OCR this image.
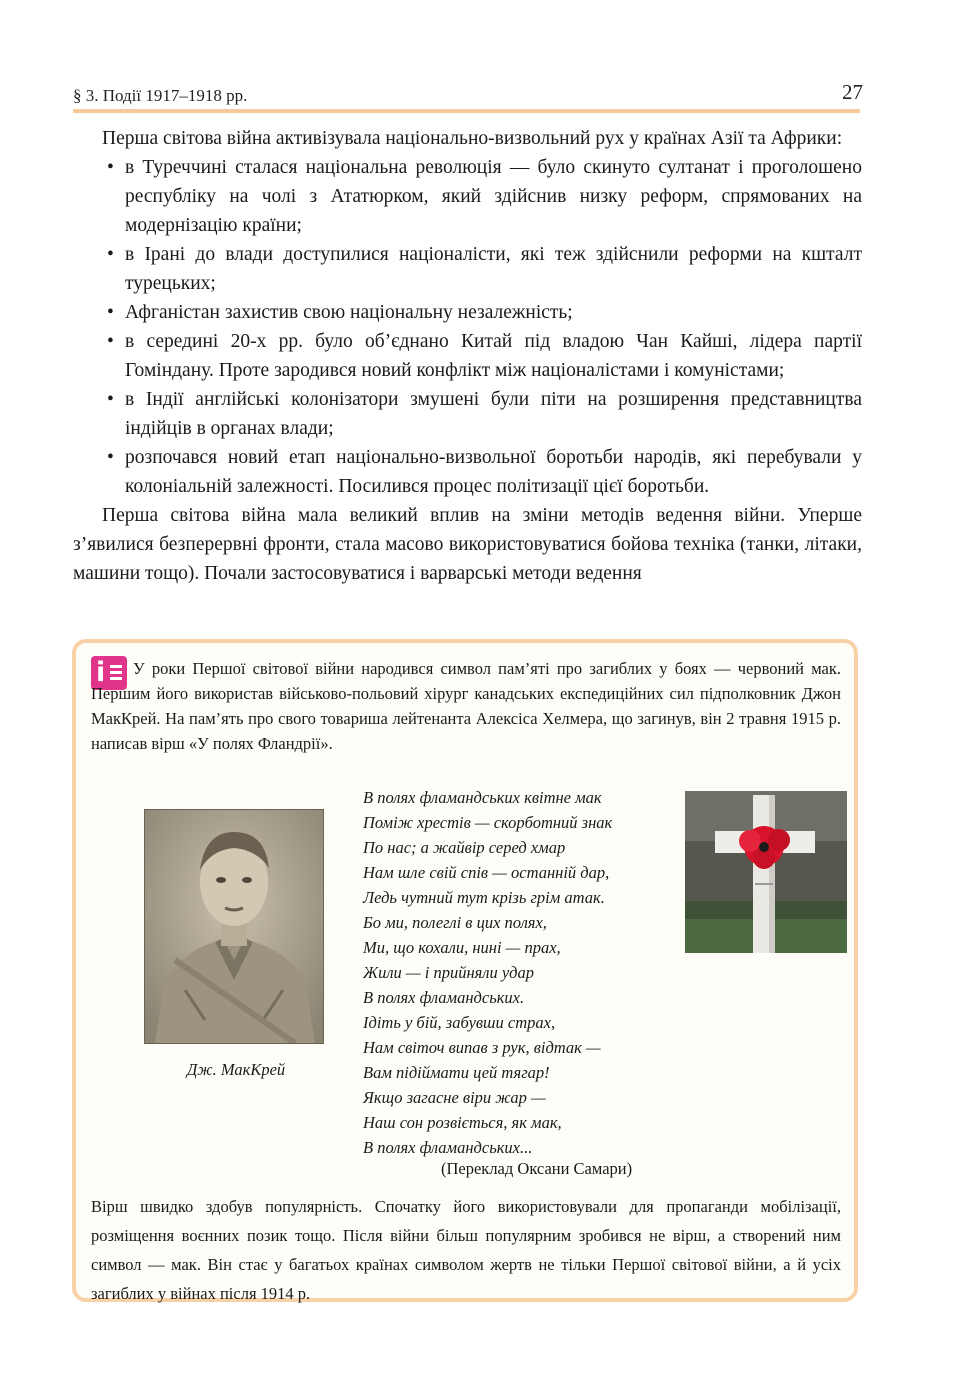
§ 3. Події 1917–1918 рр.	27

Перша світова війна активізувала національно-визвольний рух у країнах Азії та Африки:

• в Туреччині сталася національна революція — було скинуто султанат і проголошено республіку на чолі з Ататюрком, який здійснив низку реформ, спрямованих на модернізацію країни;
• в Ірані до влади доступилися націоналісти, які теж здійснили реформи на кшталт турецьких;
• Афганістан захистив свою національну незалежність;
• в середині 20-х рр. було об’єднано Китай під владою Чан Кайші, лідера партії Гоміндану. Проте зародився новий конфлікт між націоналістами і комуністами;
• в Індії англійські колонізатори змушені були піти на розширення представництва індійців в органах влади;
• розпочався новий етап національно-визвольної боротьби народів, які перебували у колоніальній залежності. Посилився процес політизації цієї боротьби.

Перша світова війна мала великий вплив на зміни методів ведення війни. Уперше з’явилися безперервні фронти, стала масово використовуватися бойова техніка (танки, літаки, машини тощо). Почали застосовуватися і варварські методи ведення

i	У роки Першої світової війни народився символ пам’яті про загиблих у боях — червоний мак. Першим його використав військово-польовий хірург канадських експедиційних сил підполковник Джон МакКрей. На пам’ять про свого товариша лейтенанта Алексіса Хелмера, що загинув, він 2 травня 1915 р. написав вірш «У полях Фландрії».

Дж. МакКрей
В полях фламандських квітне мак
Поміж хрестів — скорботний знак
По нас; а жайвір серед хмар
Нам шле свій спів — останній дар,
Ледь чутний тут крізь грім атак.
Бо ми, полеглі в цих полях,
Ми, що кохали, нині — прах,
Жили — і прийняли удар
В полях фламандських.
Ідіть у бій, забувши страх,
Нам світоч випав з рук, відтак —
Вам підіймати цей тягар!
Якщо загасне віри жар —
Наш сон розвіється, як мак,
В полях фламандських...
(Переклад Оксани Самари)

Вірш швидко здобув популярність. Спочатку його використовували для пропаганди мобілізації, розміщення воєнних позик тощо. Після війни більш популярним зробився не вірш, а створений ним символ — мак. Він стає у багатьох країнах символом жертв не тільки Першої світової війни, а й усіх загиблих у війнах після 1914 р.
